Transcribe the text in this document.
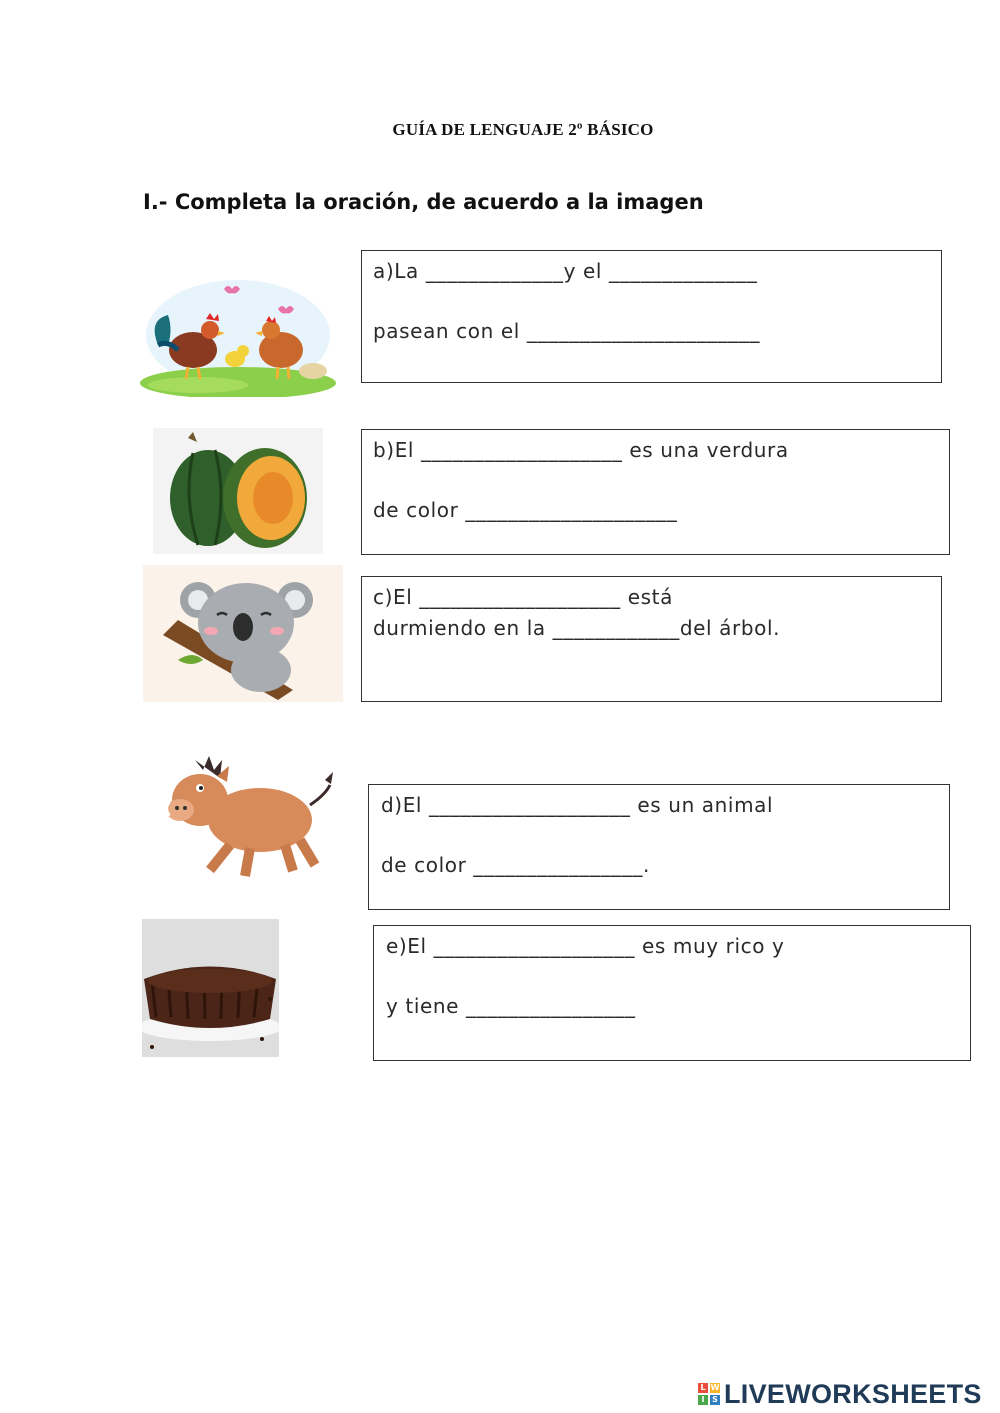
GUÍA DE LENGUAJE 2º BÁSICO
I.- Completa la oración, de acuerdo a la imagen
a)La _____________y el ______________
pasean con el ______________________
b)El ___________________ es una verdura
de color ____________________
c)El ___________________ está
durmiendo en la ____________del árbol.
d)El ___________________ es un animal
de color ________________.
e)El ___________________ es muy rico y
y tiene ________________
L W
I S LIVEWORKSHEETS
